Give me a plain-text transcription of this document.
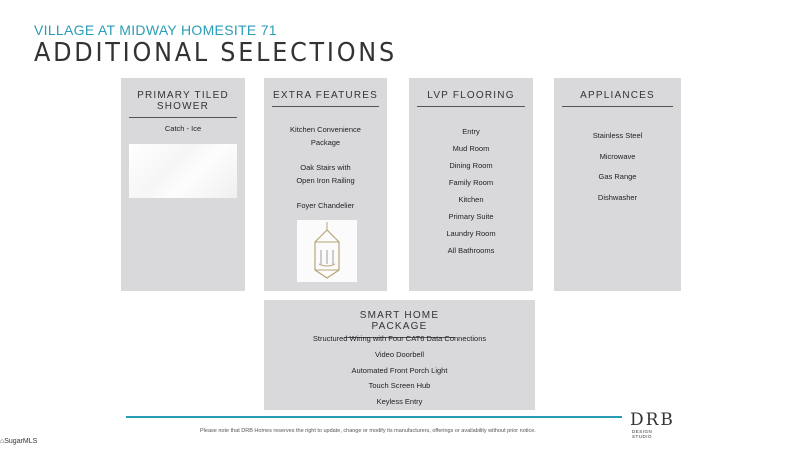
VILLAGE AT MIDWAY HOMESITE 71
ADDITIONAL SELECTIONS
PRIMARY TILED SHOWER
Catch - Ice
EXTRA FEATURES
Kitchen Convenience
Package
Oak Stairs with
Open Iron Railing
Foyer Chandelier
LVP FLOORING
Entry
Mud Room
Dining Room
Family Room
Kitchen
Primary Suite
Laundry Room
All Bathrooms
APPLIANCES
Stainless Steel
Microwave
Gas Range
Dishwasher
SMART HOME PACKAGE
Structured Wiring with Four CAT6 Data Connections
Video Doorbell
Automated Front Porch Light
Touch Screen Hub
Keyless Entry
Please note that DRB Homes reserves the right to update, change or modify its manufacturers, offerings or availability without prior notice.
DRB
DESIGN STUDIO
⌂SugarMLS
